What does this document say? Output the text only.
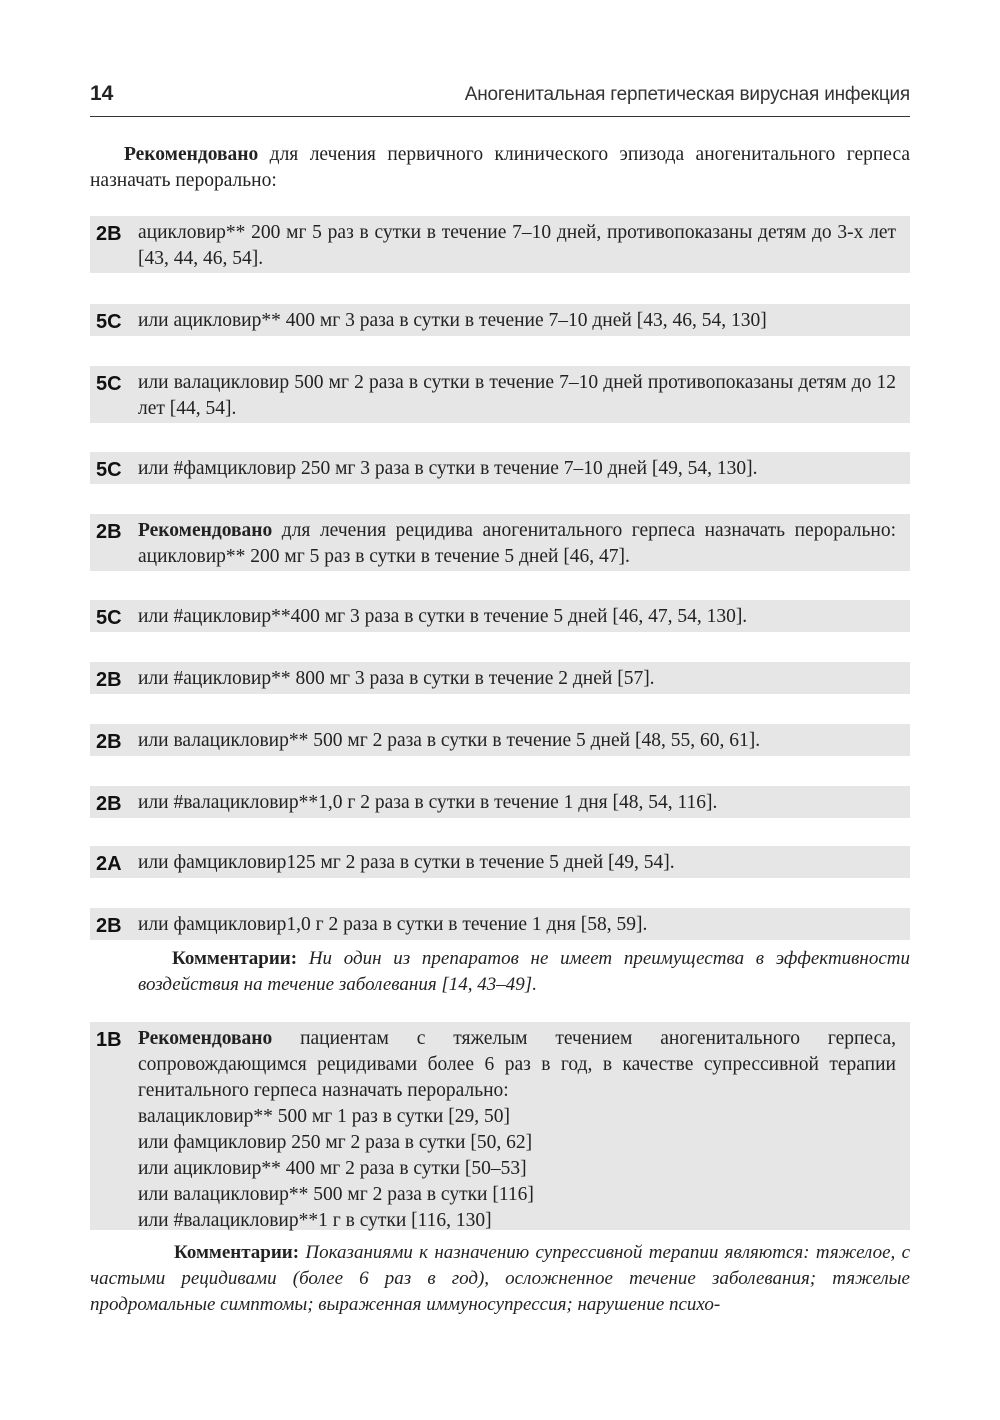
14	Аногенитальная герпетическая вирусная инфекция

Рекомендовано для лечения первичного клинического эпизода аногенитального герпеса назначать перорально:

2B ацикловир** 200 мг 5 раз в сутки в течение 7–10 дней, противопоказаны детям до 3-х лет [43, 44, 46, 54].
5C или ацикловир** 400 мг 3 раза в сутки в течение 7–10 дней [43, 46, 54, 130]
5C или валацикловир 500 мг 2 раза в сутки в течение 7–10 дней противопоказаны детям до 12 лет [44, 54].
5C или #фамцикловир 250 мг 3 раза в сутки в течение 7–10 дней [49, 54, 130].
2B Рекомендовано для лечения рецидива аногенитального герпеса назначать перорально: ацикловир** 200 мг 5 раз в сутки в течение 5 дней [46, 47].
5C или #ацикловир**400 мг 3 раза в сутки в течение 5 дней [46, 47, 54, 130].
2B или #ацикловир** 800 мг 3 раза в сутки в течение 2 дней [57].
2B или валацикловир** 500 мг 2 раза в сутки в течение 5 дней [48, 55, 60, 61].
2B или #валацикловир**1,0 г 2 раза в сутки в течение 1 дня [48, 54, 116].
2A или фамцикловир125 мг 2 раза в сутки в течение 5 дней [49, 54].
2B или фамцикловир1,0 г 2 раза в сутки в течение 1 дня [58, 59].

Комментарии: Ни один из препаратов не имеет преимущества в эффективности воздействия на течение заболевания [14, 43–49].

1B Рекомендовано пациентам с тяжелым течением аногенитального герпеса, сопровождающимся рецидивами более 6 раз в год, в качестве супрессивной терапии генитального герпеса назначать перорально:
валацикловир** 500 мг 1 раз в сутки [29, 50]
или фамцикловир 250 мг 2 раза в сутки [50, 62]
или ацикловир** 400 мг 2 раза в сутки [50–53]
или валацикловир** 500 мг 2 раза в сутки [116]
или #валацикловир**1 г в сутки [116, 130]

Комментарии: Показаниями к назначению супрессивной терапии являются: тяжелое, с частыми рецидивами (более 6 раз в год), осложненное течение заболевания; тяжелые продромальные симптомы; выраженная иммуносупрессия; нарушение психо-
